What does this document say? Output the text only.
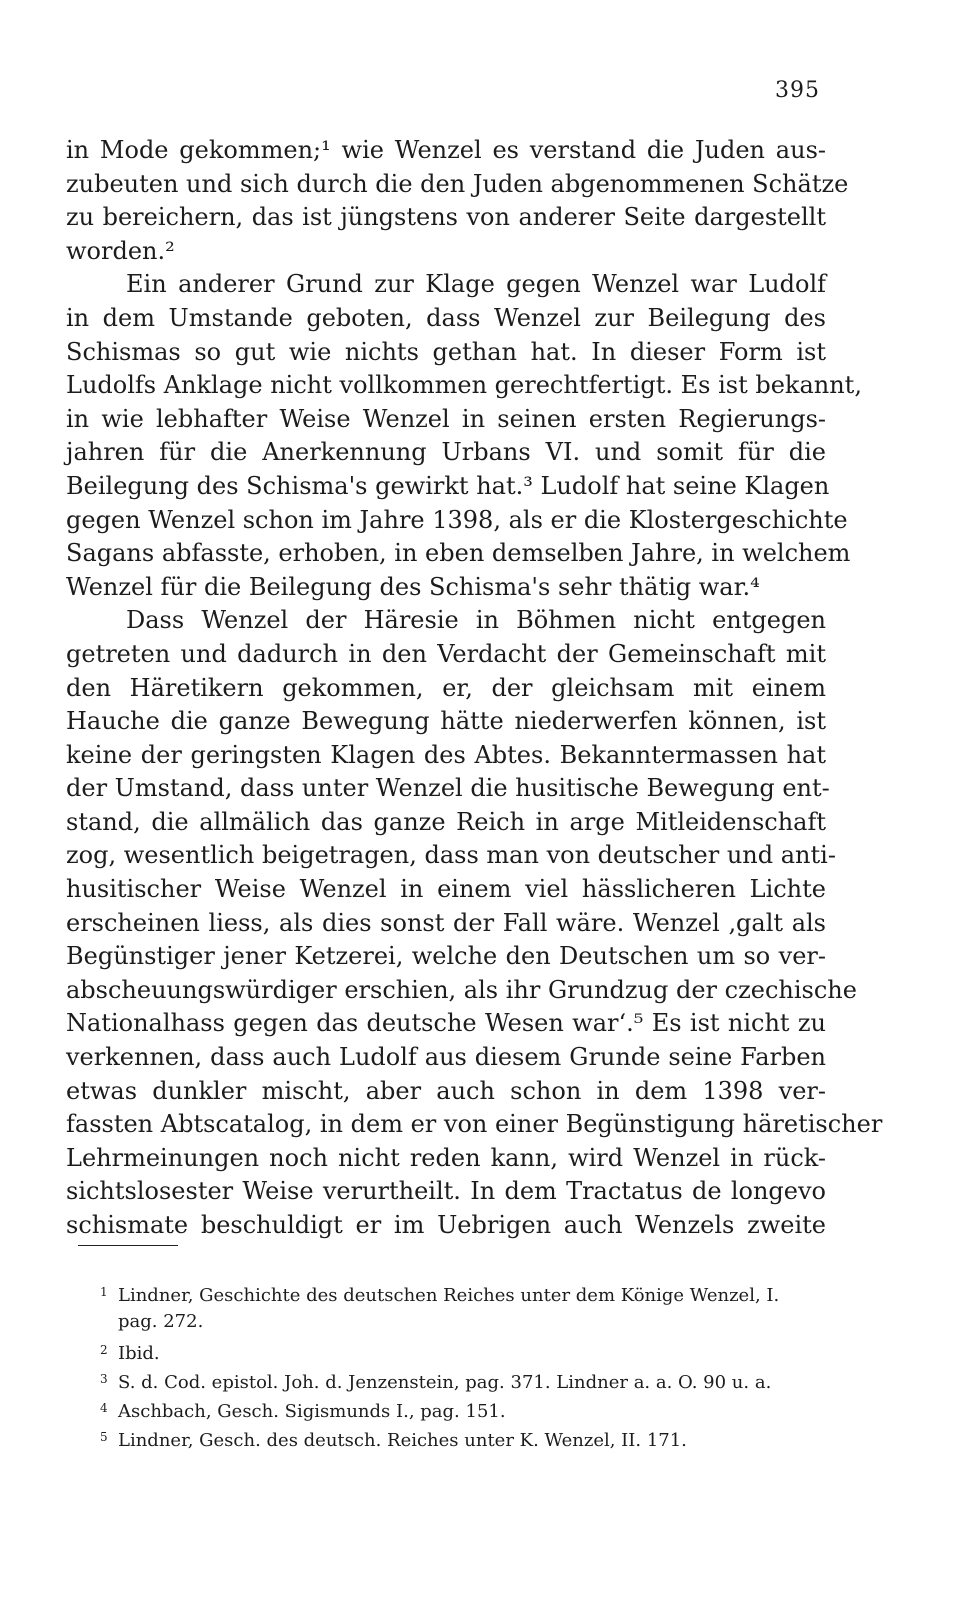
395
in Mode gekommen;¹ wie Wenzel es verstand die Juden aus-
zubeuten und sich durch die den Juden abgenommenen Schätze
zu bereichern, das ist jüngstens von anderer Seite dargestellt
worden.²
Ein anderer Grund zur Klage gegen Wenzel war Ludolf
in dem Umstande geboten, dass Wenzel zur Beilegung des
Schismas so gut wie nichts gethan hat. In dieser Form ist
Ludolfs Anklage nicht vollkommen gerechtfertigt. Es ist bekannt,
in wie lebhafter Weise Wenzel in seinen ersten Regierungs-
jahren für die Anerkennung Urbans VI. und somit für die
Beilegung des Schisma's gewirkt hat.³ Ludolf hat seine Klagen
gegen Wenzel schon im Jahre 1398, als er die Klostergeschichte
Sagans abfasste, erhoben, in eben demselben Jahre, in welchem
Wenzel für die Beilegung des Schisma's sehr thätig war.⁴
Dass Wenzel der Häresie in Böhmen nicht entgegen
getreten und dadurch in den Verdacht der Gemeinschaft mit
den Häretikern gekommen, er, der gleichsam mit einem
Hauche die ganze Bewegung hätte niederwerfen können, ist
keine der geringsten Klagen des Abtes. Bekanntermassen hat
der Umstand, dass unter Wenzel die husitische Bewegung ent-
stand, die allmälich das ganze Reich in arge Mitleidenschaft
zog, wesentlich beigetragen, dass man von deutscher und anti-
husitischer Weise Wenzel in einem viel hässlicheren Lichte
erscheinen liess, als dies sonst der Fall wäre. Wenzel ‚galt als
Begünstiger jener Ketzerei, welche den Deutschen um so ver-
abscheuungswürdiger erschien, als ihr Grundzug der czechische
Nationalhass gegen das deutsche Wesen war‘.⁵ Es ist nicht zu
verkennen, dass auch Ludolf aus diesem Grunde seine Farben
etwas dunkler mischt, aber auch schon in dem 1398 ver-
fassten Abtscatalog, in dem er von einer Begünstigung häretischer
Lehrmeinungen noch nicht reden kann, wird Wenzel in rück-
sichtslosester Weise verurtheilt. In dem Tractatus de longevo
schismate beschuldigt er im Uebrigen auch Wenzels zweite
1 Lindner, Geschichte des deutschen Reiches unter dem Könige Wenzel, I.
pag. 272.
2 Ibid.
3 S. d. Cod. epistol. Joh. d. Jenzenstein, pag. 371. Lindner a. a. O. 90 u. a.
4 Aschbach, Gesch. Sigismunds I., pag. 151.
5 Lindner, Gesch. des deutsch. Reiches unter K. Wenzel, II. 171.
